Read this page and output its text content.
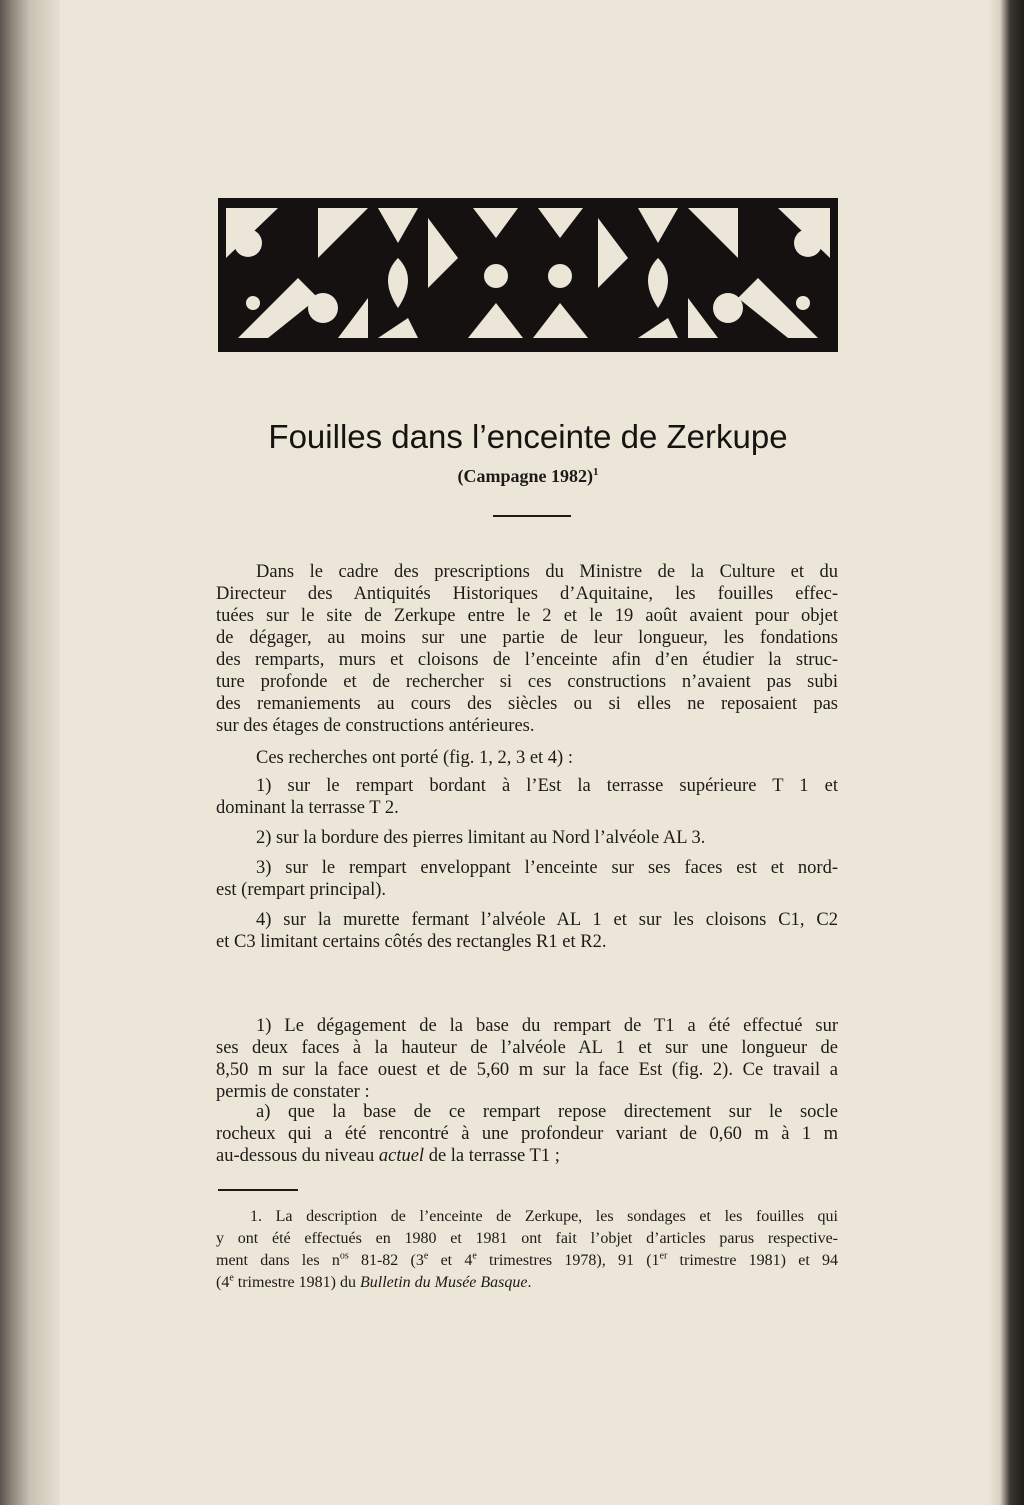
Fouilles dans l’enceinte de Zerkupe
(Campagne 1982)$^1$
Dans le cadre des prescriptions du Ministre de la Culture et du
Directeur des Antiquités Historiques d’Aquitaine, les fouilles effec-
tuées sur le site de Zerkupe entre le 2 et le 19 août avaient pour objet
de dégager, au moins sur une partie de leur longueur, les fondations
des remparts, murs et cloisons de l’enceinte afin d’en étudier la struc-
ture profonde et de rechercher si ces constructions n’avaient pas subi
des remaniements au cours des siècles ou si elles ne reposaient pas
sur des étages de constructions antérieures.
Ces recherches ont porté (fig. 1, 2, 3 et 4) :
1) sur le rempart bordant à l’Est la terrasse supérieure T 1 et
dominant la terrasse T 2.
2) sur la bordure des pierres limitant au Nord l’alvéole AL 3.
3) sur le rempart enveloppant l’enceinte sur ses faces est et nord-
est (rempart principal).
4) sur la murette fermant l’alvéole AL 1 et sur les cloisons C1, C2
et C3 limitant certains côtés des rectangles R1 et R2.
1) Le dégagement de la base du rempart de T1 a été effectué sur
ses deux faces à la hauteur de l’alvéole AL 1 et sur une longueur de
8,50 m sur la face ouest et de 5,60 m sur la face Est (fig. 2). Ce travail a
permis de constater :
a) que la base de ce rempart repose directement sur le socle
rocheux qui a été rencontré à une profondeur variant de 0,60 m à 1 m
au-dessous du niveau actuel de la terrasse T1 ;
1. La description de l’enceinte de Zerkupe, les sondages et les fouilles qui
y ont été effectués en 1980 et 1981 ont fait l’objet d’articles parus respective-
ment dans les $n^{os}$ 81-82 (3e et 4e trimestres 1978), 91 (1er trimestre 1981) et 94
(4e trimestre 1981) du Bulletin du Musée Basque.
